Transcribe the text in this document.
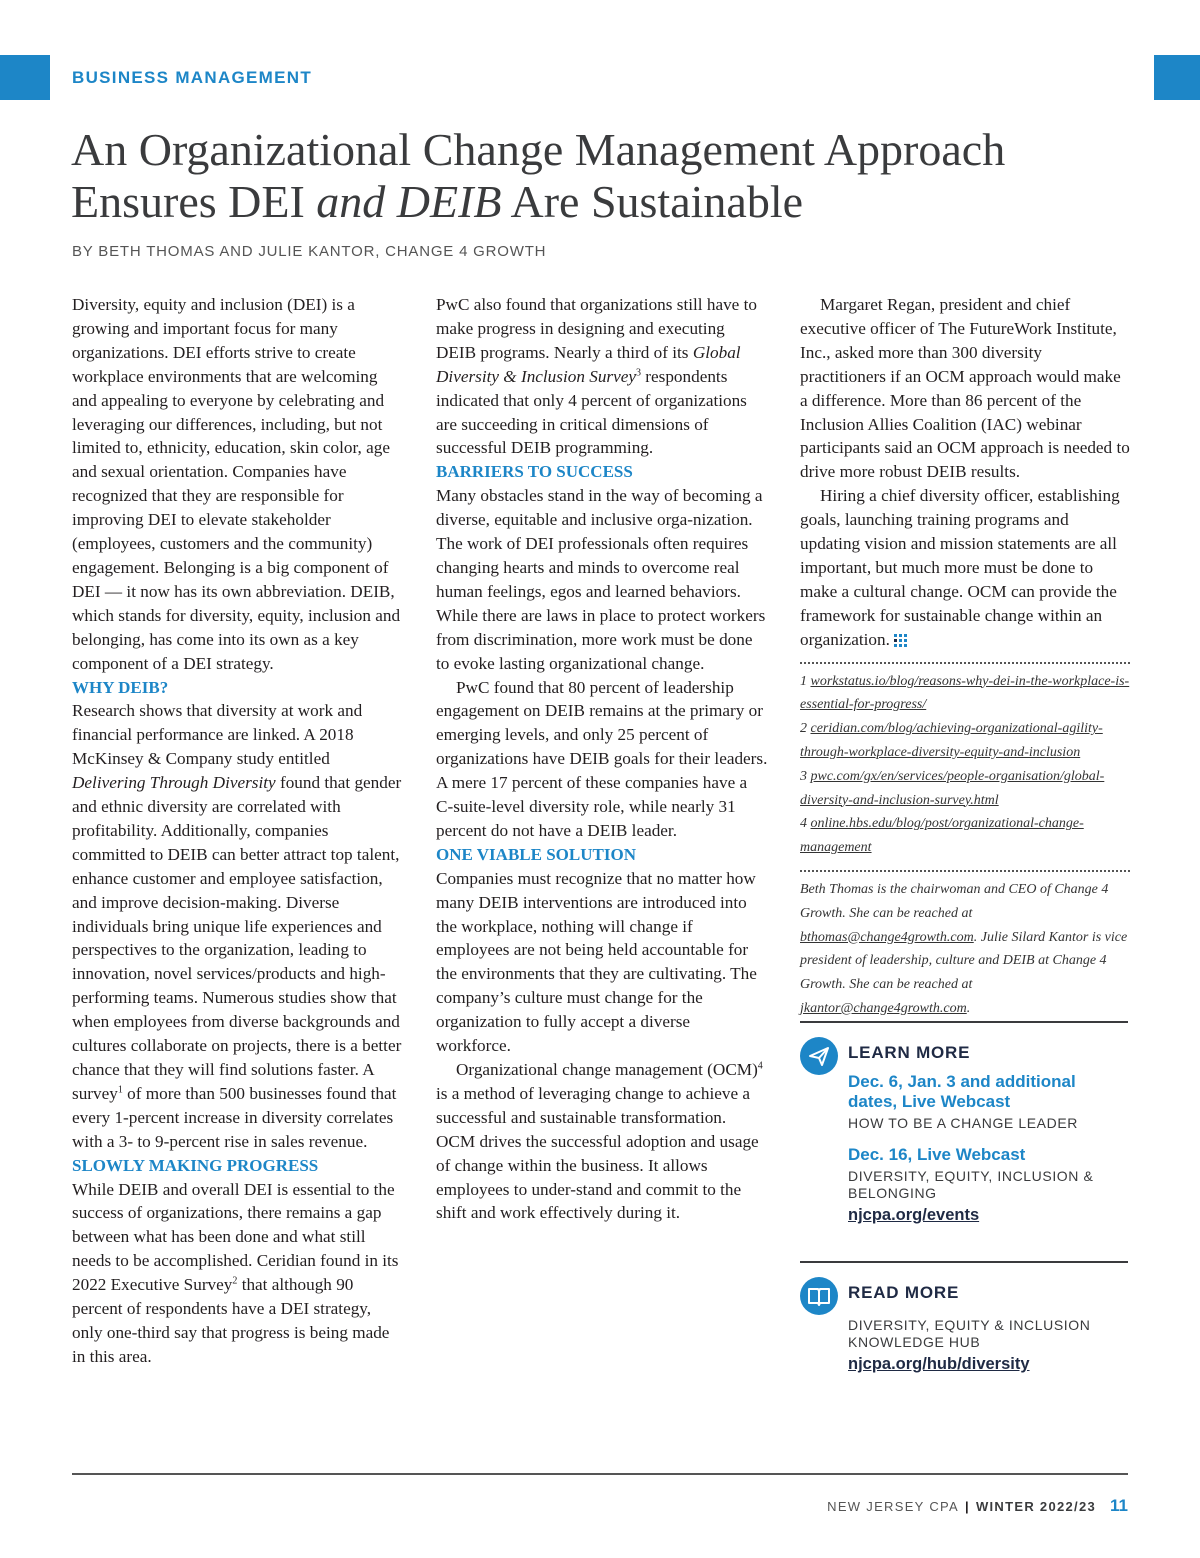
BUSINESS MANAGEMENT
An Organizational Change Management Approach
Ensures DEI and DEIB Are Sustainable
BY BETH THOMAS AND JULIE KANTOR, CHANGE 4 GROWTH

Diversity, equity and inclusion (DEI) is a growing and important focus for many organizations. DEI efforts strive to create workplace environments that are welcoming and appealing to everyone by celebrating and leveraging our differences, including, but not limited to, ethnicity, education, skin color, age and sexual orientation. Companies have recognized that they are responsible for improving DEI to elevate stakeholder (employees, customers and the community) engagement. Belonging is a big component of DEI — it now has its own abbreviation. DEIB, which stands for diversity, equity, inclusion and belonging, has come into its own as a key component of a DEI strategy.

WHY DEIB?

Research shows that diversity at work and financial performance are linked. A 2018 McKinsey & Company study entitled Delivering Through Diversity found that gender and ethnic diversity are correlated with profitability. Additionally, companies committed to DEIB can better attract top talent, enhance customer and employee satisfaction, and improve decision-making. Diverse individuals bring unique life experiences and perspectives to the organization, leading to innovation, novel services/products and high-performing teams. Numerous studies show that when employees from diverse backgrounds and cultures collaborate on projects, there is a better chance that they will find solutions faster. A survey$^1$ of more than 500 businesses found that every 1-percent increase in diversity correlates with a 3- to 9-percent rise in sales revenue.

SLOWLY MAKING PROGRESS

While DEIB and overall DEI is essential to the success of organizations, there remains a gap between what has been done and what still needs to be accomplished. Ceridian found in its 2022 Executive Survey$^2$ that although 90 percent of respondents have a DEI strategy, only one-third say that progress is being made in this area.

PwC also found that organizations still have to make progress in designing and executing DEIB programs. Nearly a third of its Global Diversity & Inclusion Survey$^3$ respondents indicated that only 4 percent of organizations are succeeding in critical dimensions of successful DEIB programming.

BARRIERS TO SUCCESS

Many obstacles stand in the way of becoming a diverse, equitable and inclusive orga-nization. The work of DEI professionals often requires changing hearts and minds to overcome real human feelings, egos and learned behaviors. While there are laws in place to protect workers from discrimination, more work must be done to evoke lasting organizational change.

PwC found that 80 percent of leadership engagement on DEIB remains at the primary or emerging levels, and only 25 percent of organizations have DEIB goals for their leaders. A mere 17 percent of these companies have a C-suite-level diversity role, while nearly 31 percent do not have a DEIB leader.

ONE VIABLE SOLUTION

Companies must recognize that no matter how many DEIB interventions are introduced into the workplace, nothing will change if employees are not being held accountable for the environments that they are cultivating. The company’s culture must change for the organization to fully accept a diverse workforce.

Organizational change management (OCM)$^4$ is a method of leveraging change to achieve a successful and sustainable transformation. OCM drives the successful adoption and usage of change within the business. It allows employees to under-stand and commit to the shift and work effectively during it.

Margaret Regan, president and chief executive officer of The FutureWork Institute, Inc., asked more than 300 diversity practitioners if an OCM approach would make a difference. More than 86 percent of the Inclusion Allies Coalition (IAC) webinar participants said an OCM approach is needed to drive more robust DEIB results.

Hiring a chief diversity officer, establishing goals, launching training programs and updating vision and mission statements are all important, but much more must be done to make a cultural change. OCM can provide the framework for sustainable change within an organization.

1 workstatus.io/blog/reasons-why-dei-in-the-workplace-is-essential-for-progress/
2 ceridian.com/blog/achieving-organizational-agility-through-workplace-diversity-equity-and-inclusion
3 pwc.com/gx/en/services/people-organisation/global-diversity-and-inclusion-survey.html
4 online.hbs.edu/blog/post/organizational-change-management
Beth Thomas is the chairwoman and CEO of Change 4 Growth. She can be reached at bthomas@change4growth.com. Julie Silard Kantor is vice president of leadership, culture and DEIB at Change 4 Growth. She can be reached at jkantor@change4growth.com.

LEARN MORE

Dec. 6, Jan. 3 and additional dates, Live Webcast

HOW TO BE A CHANGE LEADER

Dec. 16, Live Webcast

DIVERSITY, EQUITY, INCLUSION & BELONGING

njcpa.org/events

READ MORE

DIVERSITY, EQUITY & INCLUSION KNOWLEDGE HUB

njcpa.org/hub/diversity
NEW JERSEY CPA | WINTER 2022/23 11
